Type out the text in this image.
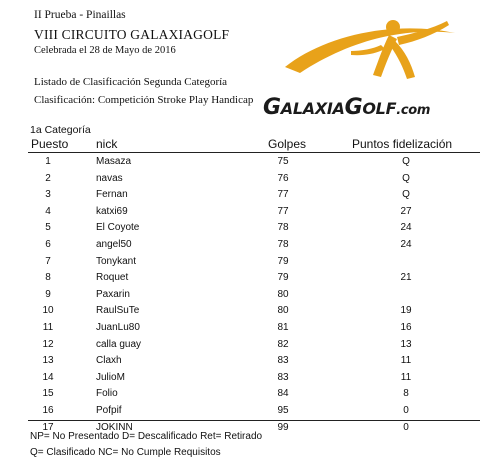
II Prueba - Pinaillas
VIII CIRCUITO GALAXIAGOLF
Celebrada el 28 de Mayo de 2016
Listado de Clasificación Segunda Categoría
Clasificación: Competición Stroke Play Handicap GALAXIAGOLF.com
1a Categoría
Puesto nick	Golpes	Puntos fidelización
1	Masaza	75	Q
2	navas	76	Q
3	Fernan	77	Q
4	katxi69	77	27
5	El Coyote	78	24
6	angel50	78	24
7	Tonykant	79
8	Roquet	79	21
9	Paxarin	80
10	RaulSuTe	80	19
11	JuanLu80	81	16
12	calla guay	82	13
13	Claxh	83	11
14	JulioM	83	11
15	Folio	84	8
16	Pofpif	95	0
17	JOKINN	99	0
NP= No Presentado D= Descalificado Ret= Retirado
Q= Clasificado NC= No Cumple Requisitos
